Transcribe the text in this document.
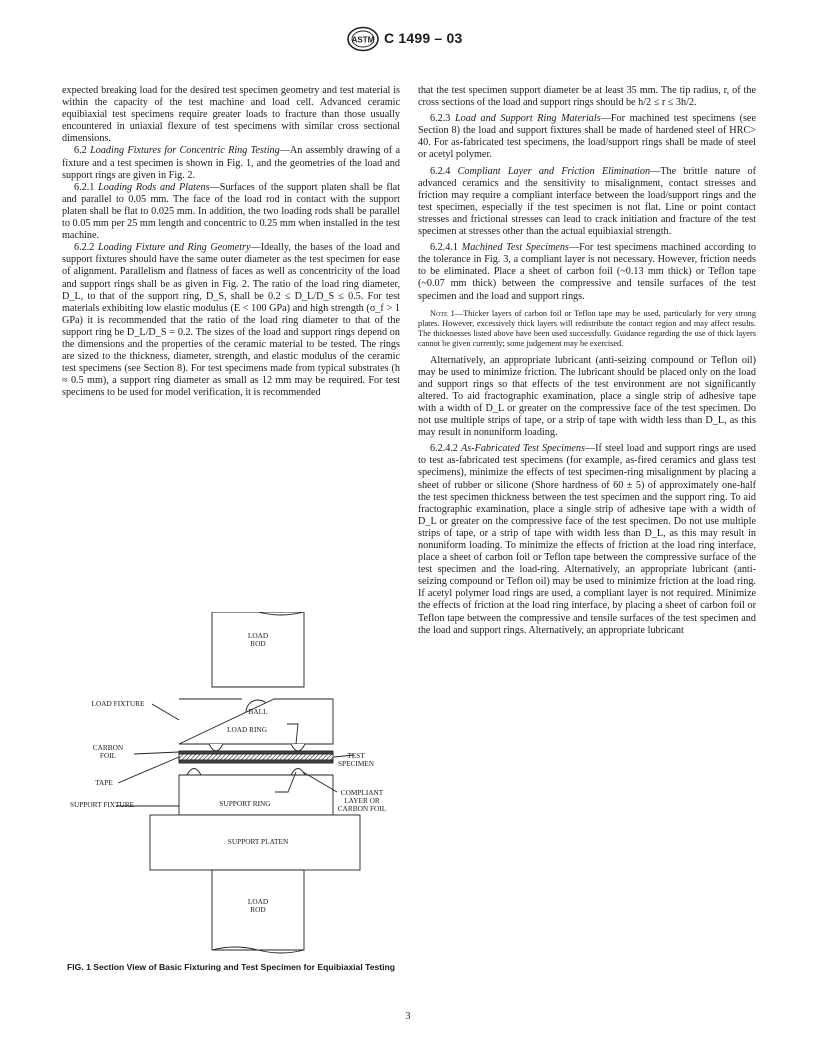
ASTM C 1499 – 03

expected breaking load for the desired test specimen geometry and test material is within the capacity of the test machine and load cell. Advanced ceramic equibiaxial test specimens require greater loads to fracture than those usually encountered in uniaxial flexure of test specimens with similar cross sectional dimensions.

6.2 Loading Fixtures for Concentric Ring Testing—An assembly drawing of a fixture and a test specimen is shown in Fig. 1, and the geometries of the load and support rings are given in Fig. 2.

6.2.1 Loading Rods and Platens—Surfaces of the support platen shall be flat and parallel to 0.05 mm. The face of the load rod in contact with the support platen shall be flat to 0.025 mm. In addition, the two loading rods shall be parallel to 0.05 mm per 25 mm length and concentric to 0.25 mm when installed in the test machine.

6.2.2 Loading Fixture and Ring Geometry—Ideally, the bases of the load and support fixtures should have the same outer diameter as the test specimen for ease of alignment. Parallelism and flatness of faces as well as concentricity of the load and support rings shall be as given in Fig. 2. The ratio of the load ring diameter, D_L, to that of the support ring, D_S, shall be 0.2 ≤ D_L/D_S ≤ 0.5. For test materials exhibiting low elastic modulus (E < 100 GPa) and high strength (σ_f > 1 GPa) it is recommended that the ratio of the load ring diameter to that of the support ring be D_L/D_S = 0.2. The sizes of the load and support rings depend on the dimensions and the properties of the ceramic material to be tested. The rings are sized to the thickness, diameter, strength, and elastic modulus of the ceramic test specimens (see Section 8). For test specimens made from typical substrates (h ≈ 0.5 mm), a support ring diameter as small as 12 mm may be required. For test specimens to be used for model verification, it is recommended

that the test specimen support diameter be at least 35 mm. The tip radius, r, of the cross sections of the load and support rings should be h/2 ≤ r ≤ 3h/2.

6.2.3 Load and Support Ring Materials—For machined test specimens (see Section 8) the load and support fixtures shall be made of hardened steel of HRC> 40. For as-fabricated test specimens, the load/support rings shall be made of steel or acetyl polymer.

6.2.4 Compliant Layer and Friction Elimination—The brittle nature of advanced ceramics and the sensitivity to misalignment, contact stresses and friction may require a compliant interface between the load/support rings and the test specimen, especially if the test specimen is not flat. Line or point contact stresses and frictional stresses can lead to crack initiation and fracture of the test specimen at stresses other than the actual equibiaxial strength.

6.2.4.1 Machined Test Specimens—For test specimens machined according to the tolerance in Fig. 3, a compliant layer is not necessary. However, friction needs to be eliminated. Place a sheet of carbon foil (~0.13 mm thick) or Teflon tape (~0.07 mm thick) between the compressive and tensile surfaces of the test specimen and the load and support rings.

Note 1—Thicker layers of carbon foil or Teflon tape may be used, particularly for very strong plates. However, excessively thick layers will redistribute the contact region and may affect results. The thicknesses listed above have been used successfully. Guidance regarding the use of thick layers cannot be given currently; some judgement may be exercised.

Alternatively, an appropriate lubricant (anti-seizing compound or Teflon oil) may be used to minimize friction. The lubricant should be placed only on the load and support rings so that effects of the test environment are not significantly altered. To aid fractographic examination, place a single strip of adhesive tape with a width of D_L or greater on the compressive face of the test specimen. Do not use multiple strips of tape, or a strip of tape with width less than D_L, as this may result in nonuniform loading.

6.2.4.2 As-Fabricated Test Specimens—If steel load and support rings are used to test as-fabricated test specimens (for example, as-fired ceramics and glass test specimens), minimize the effects of test specimen-ring misalignment by placing a sheet of rubber or silicone (Shore hardness of 60 ± 5) of approximately one-half the test specimen thickness between the test specimen and the support ring. To aid fractographic examination, place a single strip of adhesive tape with a width of D_L or greater on the compressive face of the test specimen. Do not use multiple strips of tape, or a strip of tape with width less than D_L, as this may result in nonuniform loading. To minimize the effects of friction at the load ring interface, place a sheet of carbon foil or Teflon tape between the compressive surface of the test specimen and the load-ring. Alternatively, an appropriate lubricant (anti-seizing compound or Teflon oil) may be used to minimize friction at the load ring. If acetyl polymer load rings are used, a compliant layer is not required. Minimize the effects of friction at the load ring interface, by placing a sheet of carbon foil or Teflon tape between the compressive and tensile surfaces of the test specimen and the load and support rings. Alternatively, an appropriate lubricant

LOAD
ROD
BALL
LOAD FIXTURE
LOAD RING
CARBON
FOIL
TAPE
TEST
SPECIMEN
SUPPORT FIXTURE	SUPPORT RING
COMPLIANT
LAYER OR
CARBON FOIL
SUPPORT PLATEN
LOAD
ROD
FIG. 1 Section View of Basic Fixturing and Test Specimen for Equibiaxial Testing
3
